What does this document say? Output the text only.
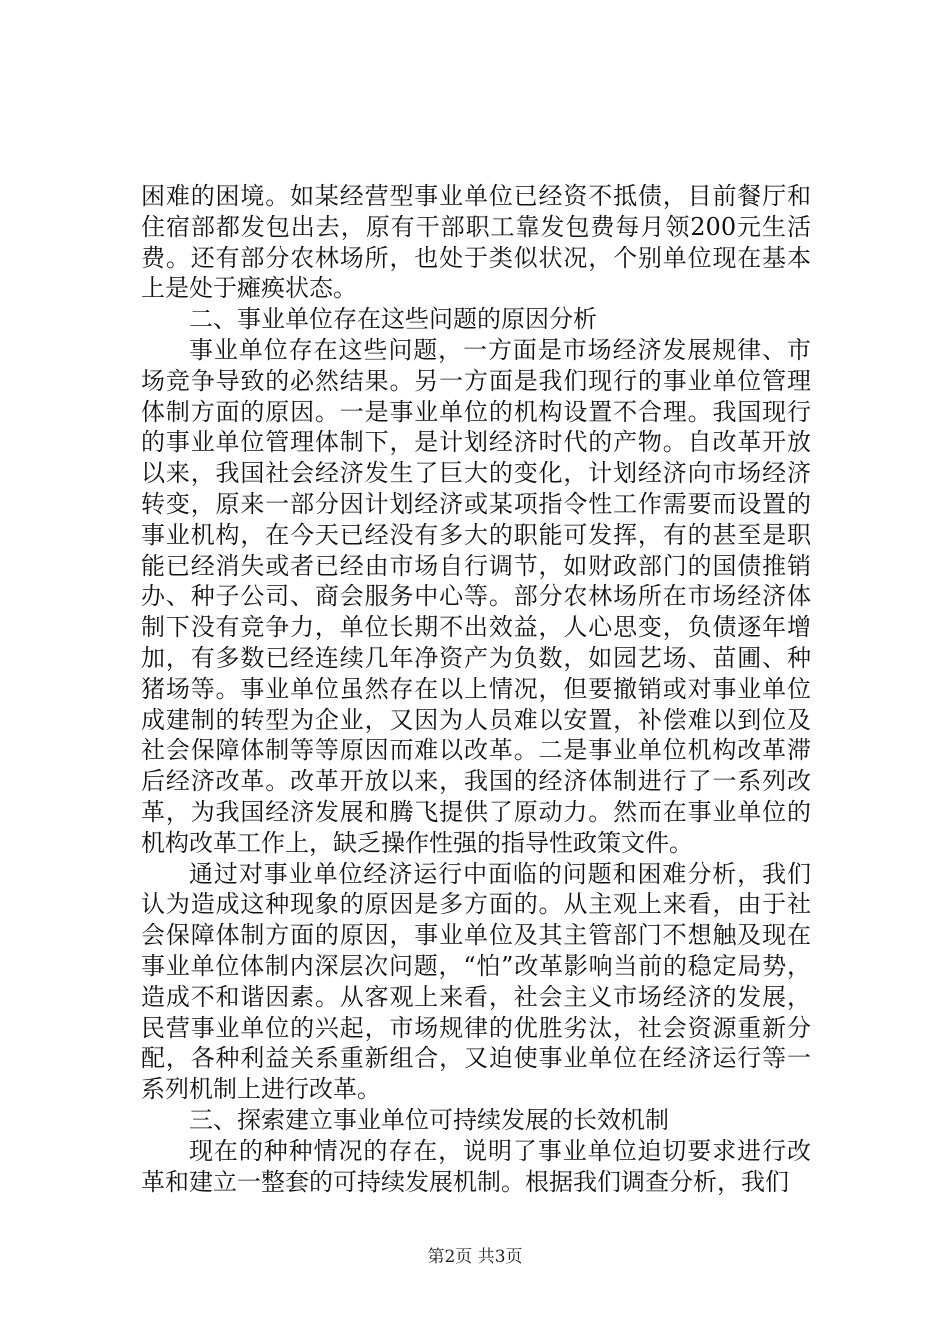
困难的困境。如某经营型事业单位已经资不抵债，目前餐厅和住宿部都发包出去，原有干部职工靠发包费每月领200元生活费。还有部分农林场所，也处于类似状况，个别单位现在基本上是处于瘫痪状态。

二、事业单位存在这些问题的原因分析

事业单位存在这些问题，一方面是市场经济发展规律、市场竞争导致的必然结果。另一方面是我们现行的事业单位管理体制方面的原因。一是事业单位的机构设置不合理。我国现行的事业单位管理体制下，是计划经济时代的产物。自改革开放以来，我国社会经济发生了巨大的变化，计划经济向市场经济转变，原来一部分因计划经济或某项指令性工作需要而设置的事业机构，在今天已经没有多大的职能可发挥，有的甚至是职能已经消失或者已经由市场自行调节，如财政部门的国债推销办、种子公司、商会服务中心等。部分农林场所在市场经济体制下没有竞争力，单位长期不出效益，人心思变，负债逐年增加，有多数已经连续几年净资产为负数，如园艺场、苗圃、种猪场等。事业单位虽然存在以上情况，但要撤销或对事业单位成建制的转型为企业，又因为人员难以安置，补偿难以到位及社会保障体制等等原因而难以改革。二是事业单位机构改革滞后经济改革。改革开放以来，我国的经济体制进行了一系列改革，为我国经济发展和腾飞提供了原动力。然而在事业单位的机构改革工作上，缺乏操作性强的指导性政策文件。

通过对事业单位经济运行中面临的问题和困难分析，我们认为造成这种现象的原因是多方面的。从主观上来看，由于社会保障体制方面的原因，事业单位及其主管部门不想触及现在事业单位体制内深层次问题，“怕”改革影响当前的稳定局势，造成不和谐因素。从客观上来看，社会主义市场经济的发展，民营事业单位的兴起，市场规律的优胜劣汰，社会资源重新分配，各种利益关系重新组合，又迫使事业单位在经济运行等一系列机制上进行改革。

三、探索建立事业单位可持续发展的长效机制

现在的种种情况的存在，说明了事业单位迫切要求进行改革和建立一整套的可持续发展机制。根据我们调查分析，我们

第2页 共3页
